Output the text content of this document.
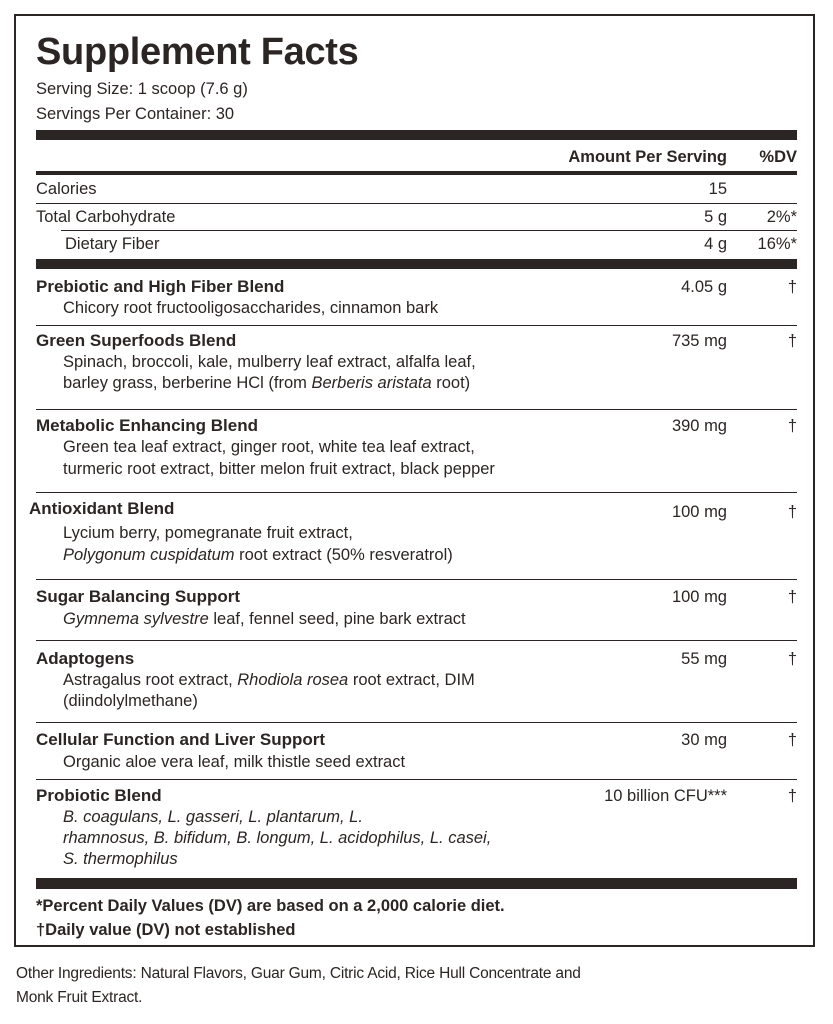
Supplement Facts
Serving Size: 1 scoop (7.6 g)
Servings Per Container: 30
Amount Per Serving %DV
Calories	15
Total Carbohydrate	5 g 2%*
Dietary Fiber	4 g 16%*
Prebiotic and High Fiber Blend	4.05 g	†
Chicory root fructooligosaccharides, cinnamon bark
Green Superfoods Blend	735 mg	†
Spinach, broccoli, kale, mulberry leaf extract, alfalfa leaf,
barley grass, berberine HCl (from Berberis aristata root)
Metabolic Enhancing Blend	390 mg	†
Green tea leaf extract, ginger root, white tea leaf extract,
turmeric root extract, bitter melon fruit extract, black pepper
Antioxidant Blend	100 mg	†
Lycium berry, pomegranate fruit extract,
Polygonum cuspidatum root extract (50% resveratrol)
Sugar Balancing Support	100 mg	†
Gymnema sylvestre leaf, fennel seed, pine bark extract
Adaptogens	55 mg	†
Astragalus root extract, Rhodiola rosea root extract, DIM
(diindolylmethane)
Cellular Function and Liver Support	30 mg	†
Organic aloe vera leaf, milk thistle seed extract
Probiotic Blend	10 billion CFU***	†
B. coagulans, L. gasseri, L. plantarum, L.
rhamnosus, B. bifidum, B. longum, L. acidophilus, L. casei,
S. thermophilus
*Percent Daily Values (DV) are based on a 2,000 calorie diet.
†Daily value (DV) not established
Other Ingredients: Natural Flavors, Guar Gum, Citric Acid, Rice Hull Concentrate and
Monk Fruit Extract.
